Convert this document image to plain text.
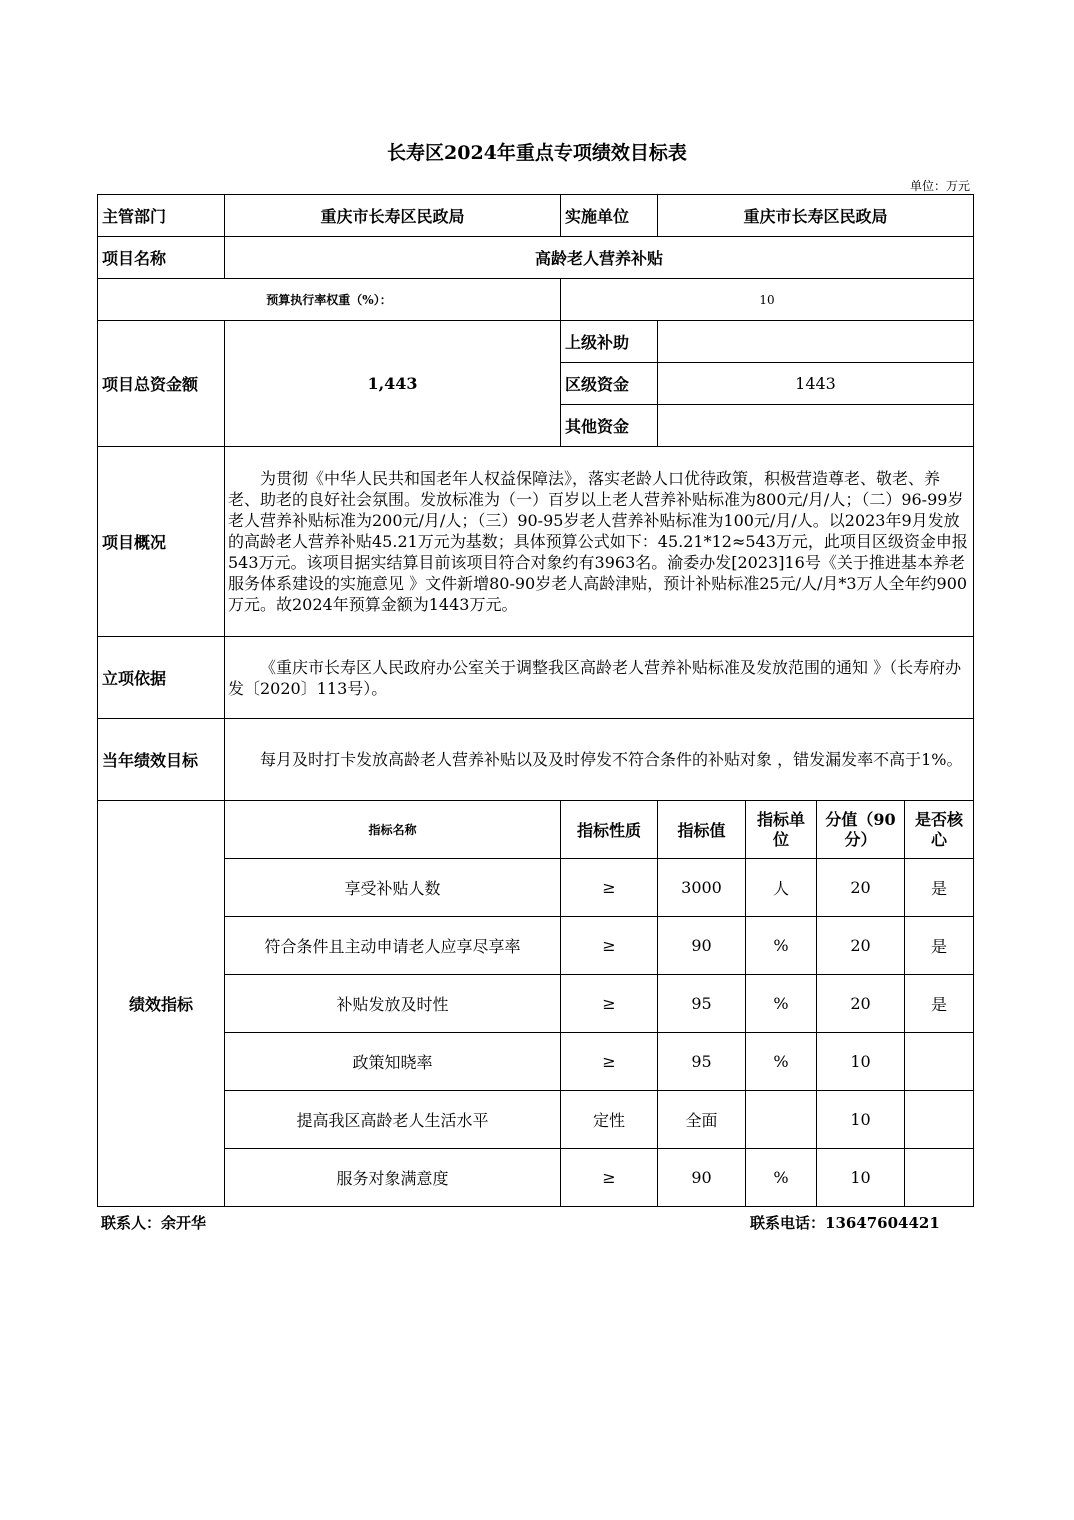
长寿区2024年重点专项绩效目标表
单位：万元
主管部门	重庆市长寿区民政局	实施单位	重庆市长寿区民政局			
项目名称	高龄老人营养补贴					
预算执行率权重（%）：		10				
项目总资金额	1,443	上级补助				
		区级资金	1443			
		其他资金				
项目概况	为贯彻《中华人民共和国老年人权益保障法》，落实老龄人口优待政策，积极营造尊老、敬老、养老、助老的良好社会氛围。发放标准为（一）百岁以上老人营养补贴标准为800元/月/人；（二）96-99岁老人营养补贴标准为200元/月/人；（三）90-95岁老人营养补贴标准为100元/月/人。以2023年9月发放的高龄老人营养补贴45.21万元为基数；具体预算公式如下：45.21*12≈543万元，此项目区级资金申报543万元。该项目据实结算目前该项目符合对象约有3963名。渝委办发[2023]16号《关于推进基本养老服务体系建设的实施意见 》文件新增80-90岁老人高龄津贴，预计补贴标准25元/人/月*3万人全年约900万元。故2024年预算金额为1443万元。					
立项依据	《重庆市长寿区人民政府办公室关于调整我区高龄老人营养补贴标准及发放范围的通知 》（长寿府办发〔2020〕113号）。					
当年绩效目标	每月及时打卡发放高龄老人营养补贴以及及时停发不符合条件的补贴对象 ，错发漏发率不高于1%。					
绩效指标	指标名称	指标性质	指标值	指标单位	分值（90分）	是否核心
	享受补贴人数	≥	3000	人	20	是
	符合条件且主动申请老人应享尽享率	≥	90	%	20	是
	补贴发放及时性	≥	95	%	20	是
	政策知晓率	≥	95	%	10	
	提高我区高龄老人生活水平	定性	全面		10	
	服务对象满意度	≥	90	%	10	
联系人：余开华	联系电话：13647604421
